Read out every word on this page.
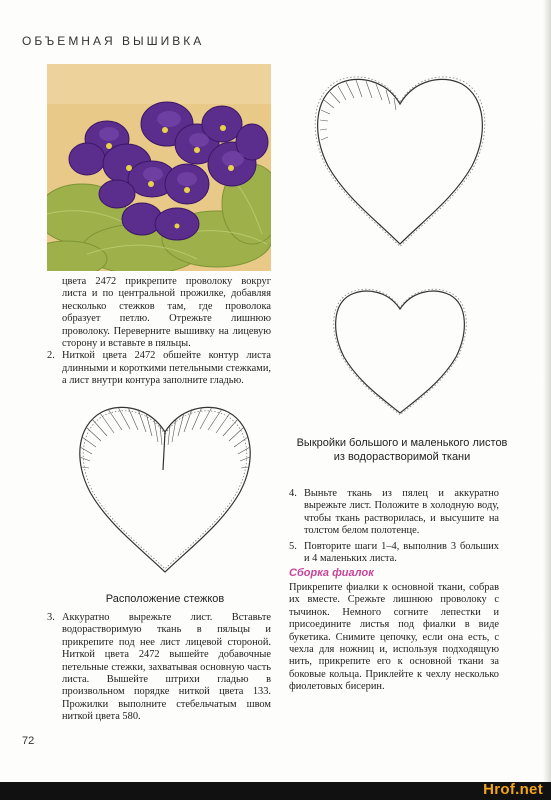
ОБЪЕМНАЯ ВЫШИВКА

цвета 2472 прикрепите проволоку вокруг листа и по центральной прожилке, добавляя несколько стежков там, где проволока образует петлю. Отрежьте лишнюю проволоку. Переверните вышивку на лицевую сторону и вставьте в пяльцы.

2. Ниткой цвета 2472 обшейте контур листа длинными и короткими петельными стежками, а лист внутри контура заполните гладью.
Расположение стежков
3. Аккуратно вырежьте лист. Вставьте водорастворимую ткань в пяльцы и прикрепите под нее лист лицевой стороной. Ниткой цвета 2472 вышейте добавочные петельные стежки, захватывая основную часть листа. Вышейте штрихи гладью в произвольном порядке ниткой цвета 133. Прожилки выполните стебельчатым швом ниткой цвета 580.
Выкройки большого и маленького листов
из водорастворимой ткани
4. Выньте ткань из пялец и аккуратно вырежьте лист. Положите в холодную воду, чтобы ткань растворилась, и высушите на толстом белом полотенце.
5. Повторите шаги 1–4, выполнив 3 больших и 4 маленьких листа.
Сборка фиалок

Прикрепите фиалки к основной ткани, собрав их вместе. Срежьте лишнюю проволоку с тычинок. Немного согните лепестки и присоедините листья под фиалки в виде букетика. Снимите цепочку, если она есть, с чехла для ножниц и, используя подходящую нить, прикрепите его к основной ткани за боковые кольца. Приклейте к чехлу несколько фиолетовых бисерин.

72
Hrof.net
